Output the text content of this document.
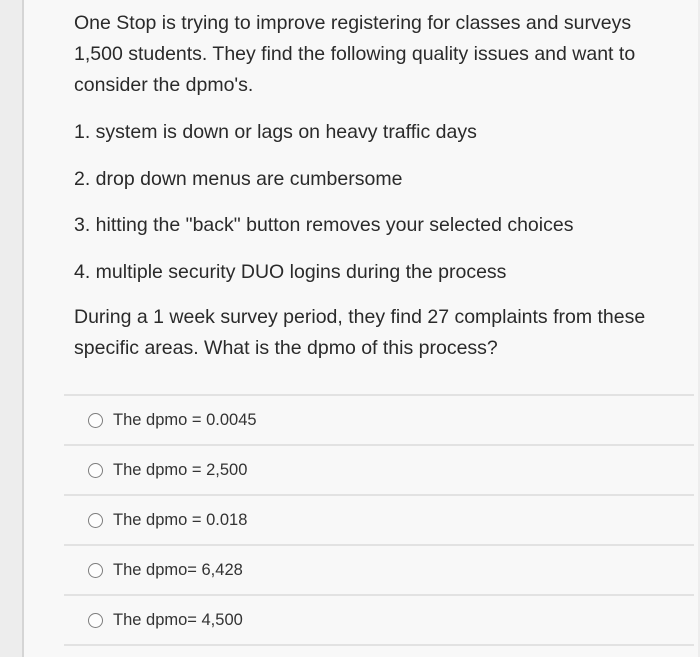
One Stop is trying to improve registering for classes and surveys 1,500 students. They find the following quality issues and want to consider the dpmo's.

1. system is down or lags on heavy traffic days

2. drop down menus are cumbersome

3. hitting the "back" button removes your selected choices

4. multiple security DUO logins during the process

During a 1 week survey period, they find 27 complaints from these specific areas. What is the dpmo of this process?

The dpmo = 0.0045
The dpmo = 2,500
The dpmo = 0.018
The dpmo= 6,428
The dpmo= 4,500
